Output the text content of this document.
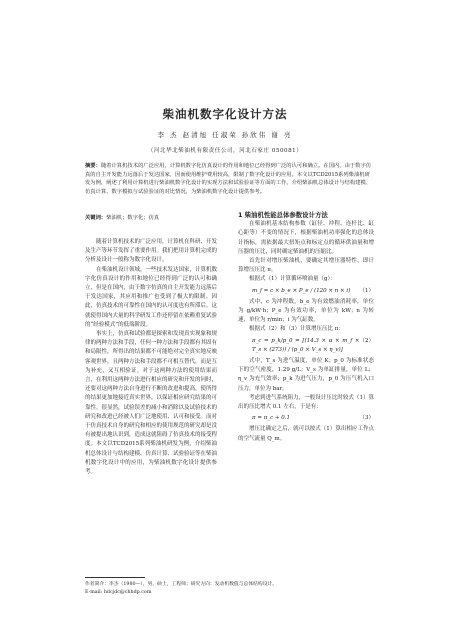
柴油机数字化设计方法
李 杰 赵清旭 任淑荣 孙欣伟 谢 亮
（河北华北柴油机有限责任公司，河北石家庄 050081）
摘要：随着计算机技术的广泛应用，计算机数字化仿真设计的作用和地位已经得到广泛的认可和确立。在国内，由于数字仿真的自主开发能力远落后于发达国家，因而使用维护费用较高，限制了数字化设计的应用。本文以TCD2015系列柴油机研发为例，阐述了利用计算机进行柴油机数字化设计的实现方法和试验验证等方面的工作，介绍柴油机总体设计与结构建模、仿真计算、数字模拟与试验验证的对比情况，为柴油机数字化设计提供参考。
关键词：柴油机；数字化；仿真

随着计算机技术的广泛应用，计算机在科研、开发及生产等环节发挥了重要作用。我们把用计算机完成的分析及设计一般称为数字化设计。

在柴油机设计领域，一些技术发达国家，计算机数字化仿真设计的作用和地位已经得到广泛的认可和确立，但是在国内，由于数字仿真的自主开发能力远落后于发达国家，其应用和推广也受到了极大的限制。因此，仿真技术的可靠性在国内的认可度也有所滞后。这就使得国内大量的科学研发工作还停留在依赖重复试验的“经验模式”的低端阶段。

事实上，仿真和试验都是探索和发现真实现象和规律的两种方法和手段，任何一种方法和手段都有其固有和局限性，所得出的结果都不可能绝对完全真实地反映客观世界，且两种方法和手段都不可相互替代，而是互为补充，又互相验证。对于这两种方法的使用结果而言，在利用这两种方法进行相应的研究和开发的同时，还要对这两种方法自身进行不断的改进和提高，使所得的结果更加地接近真实世界，以保证相应研究结果的可靠性。很显然，试验误差的减小和消除以及试验技术的研究和改进已经被人们广泛地使用、认可和接受。而对于仿真技术自身的研究和相应的使用规范的研究却是没有被提出地认识到，造成这就阻碍了仿真技术的接受程度。本文以TCD2015系列柴油机研发为例，介绍柴油机总体设计与结构建模、仿真计算、试验验证等在柴油机数字化设计中的应用，为柴油机数字化设计提供参考。

1 柴油机性能总体参数设计方法

在柴油机基本结构参数（缸径、冲程、连杆比、缸心距等）不变的情况下，根据柴油机功率强化的总体设计指标，需依据最大扭矩点和标定点的循环供油量和增压器的压比，同时确定柴油机的压缩比。

首先针对增压柴油机，要确定其增压器特性，即计算增压压比 π。

根据式（1）计算循环喷油量（g）：

m_f = c × b_e × P_e / (120 × n × i) （1）

式中，c 为冲程数，b_e 为有效燃油消耗率，单位为 g/kW·h；P_e 为有效功率，单位为 kW；n 为转速，单位为 r/min；i 为气缸数。

根据式（2）和（3）计算增压压比 π：

π_c = p_k/p_0 = [(14.3 × α × m_f × T_s × (273)) / (p_0 × V_s × η_v)]
（2）

式中，T_s 为进气温度，单位 K；p_0 为标准状态下的空气密度，1.29 g/L；V_s 为单缸排量，单位 L；η_v 为充气效率；p_k 为进气压力，p_0 为压气机入口压力，单位为 bar。

考虑到进气系统阻力，一般设计压比时较式（1）算出的压比增大 0.1 左右，于是有：

π = π_c + 0.1	（3）

增压比确定之后，就可以按式（1）算出相应工作点的空气流量 Q_m。

作者简介：李杰（1980—），男，硕士，工程师；研究方向：发动机数值与总体结构设计。
E-mail: hdcjdc@chhdp.com
